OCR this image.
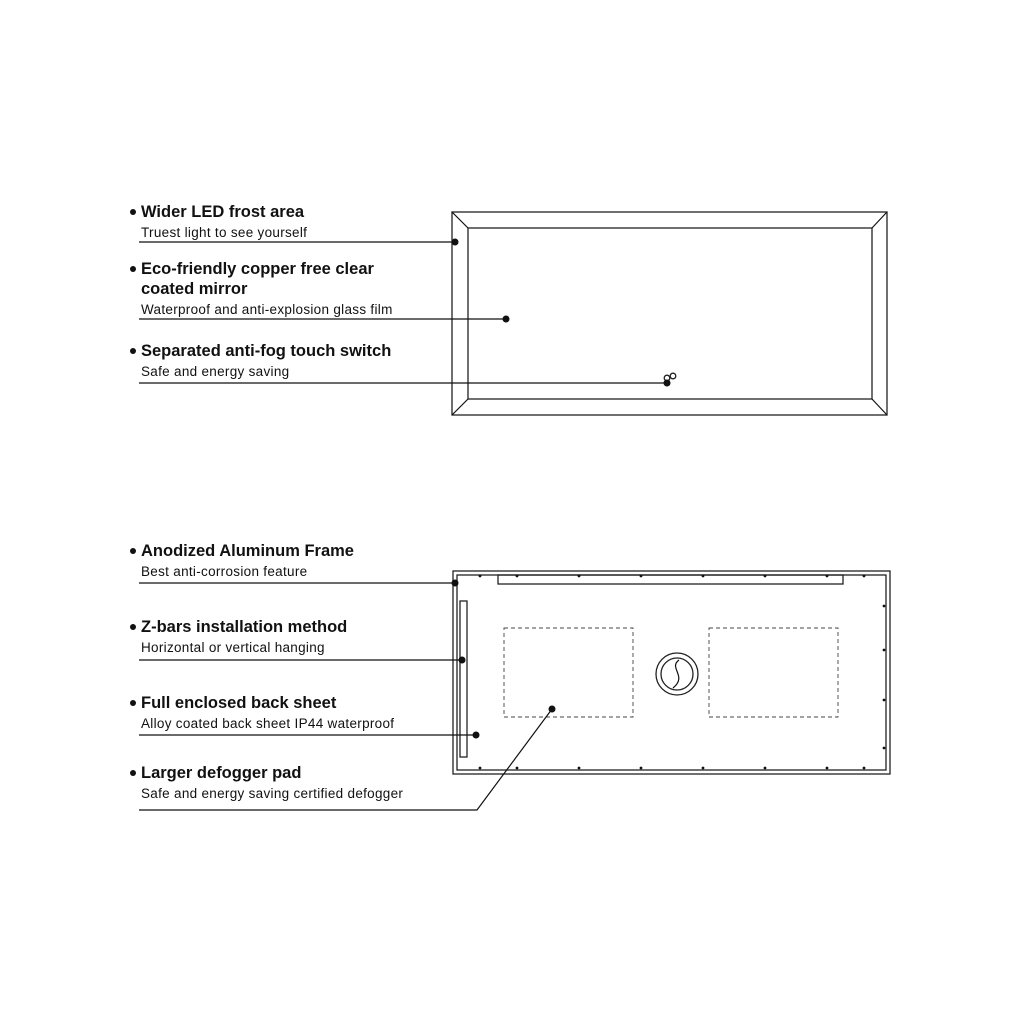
Wider LED frost area
Truest light to see yourself
Eco-friendly copper free clear coated mirror
Waterproof and anti-explosion glass film
Separated anti-fog touch switch
Safe and energy saving
Anodized Aluminum Frame
Best anti-corrosion feature
Z-bars installation method
Horizontal or vertical hanging
Full enclosed back sheet
Alloy coated back sheet IP44 waterproof
Larger defogger pad
Safe and energy saving certified defogger
